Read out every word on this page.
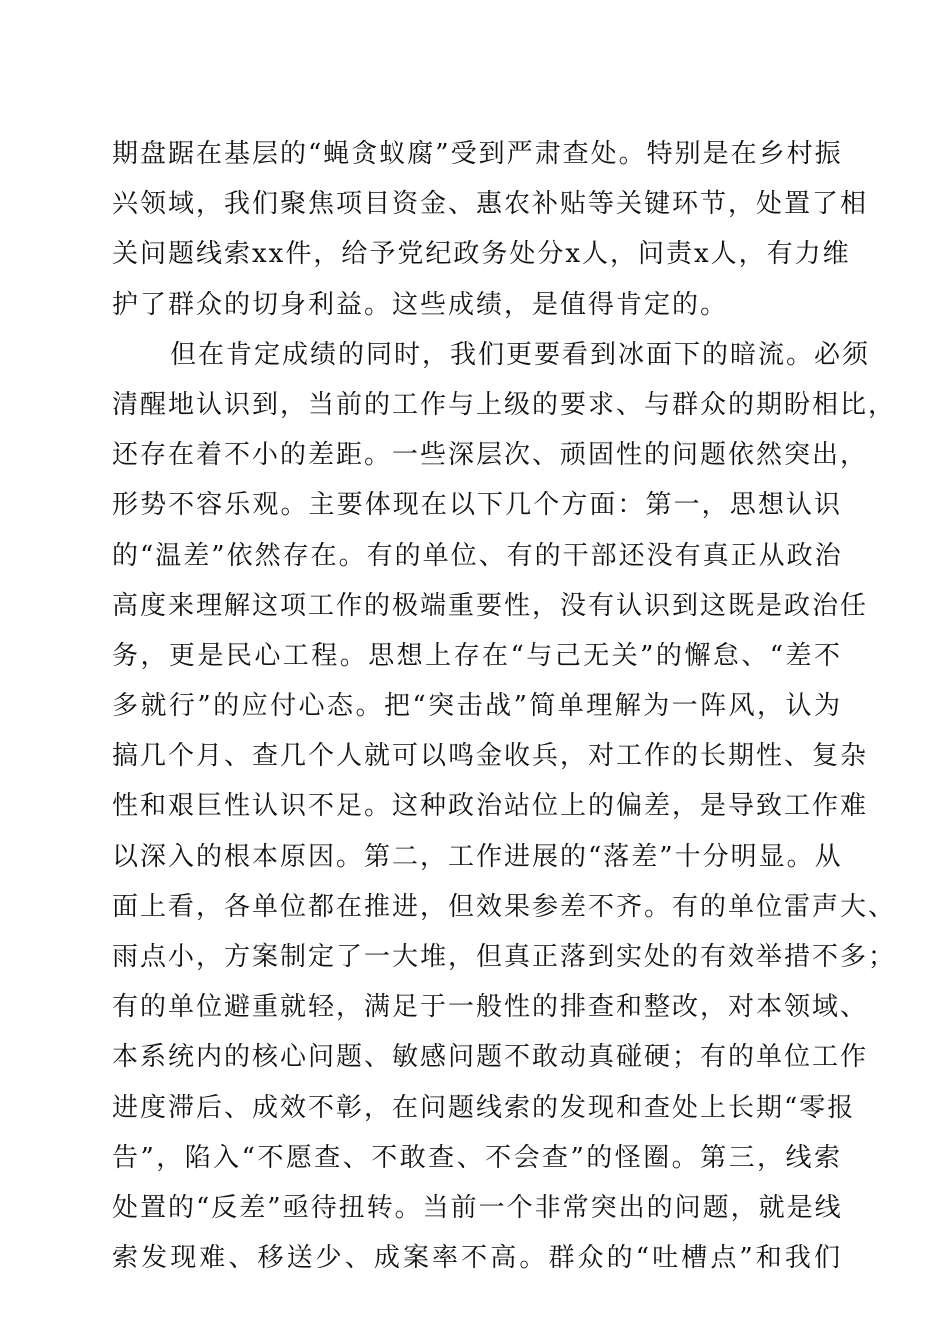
期盘踞在基层的“蝇贪蚁腐”受到严肃查处。特别是在乡村振
兴领域，我们聚焦项目资金、惠农补贴等关键环节，处置了相
关问题线索xx件，给予党纪政务处分x人，问责x人，有力维
护了群众的切身利益。这些成绩，是值得肯定的。
但在肯定成绩的同时，我们更要看到冰面下的暗流。必须
清醒地认识到，当前的工作与上级的要求、与群众的期盼相比，
还存在着不小的差距。一些深层次、顽固性的问题依然突出，
形势不容乐观。主要体现在以下几个方面：第一，思想认识
的“温差”依然存在。有的单位、有的干部还没有真正从政治
高度来理解这项工作的极端重要性，没有认识到这既是政治任
务，更是民心工程。思想上存在“与己无关”的懈怠、“差不
多就行”的应付心态。把“突击战”简单理解为一阵风，认为
搞几个月、查几个人就可以鸣金收兵，对工作的长期性、复杂
性和艰巨性认识不足。这种政治站位上的偏差，是导致工作难
以深入的根本原因。第二，工作进展的“落差”十分明显。从
面上看，各单位都在推进，但效果参差不齐。有的单位雷声大、
雨点小，方案制定了一大堆，但真正落到实处的有效举措不多；
有的单位避重就轻，满足于一般性的排查和整改，对本领域、
本系统内的核心问题、敏感问题不敢动真碰硬；有的单位工作
进度滞后、成效不彰，在问题线索的发现和查处上长期“零报
告”，陷入“不愿查、不敢查、不会查”的怪圈。第三，线索
处置的“反差”亟待扭转。当前一个非常突出的问题，就是线
索发现难、移送少、成案率不高。群众的“吐槽点”和我们
